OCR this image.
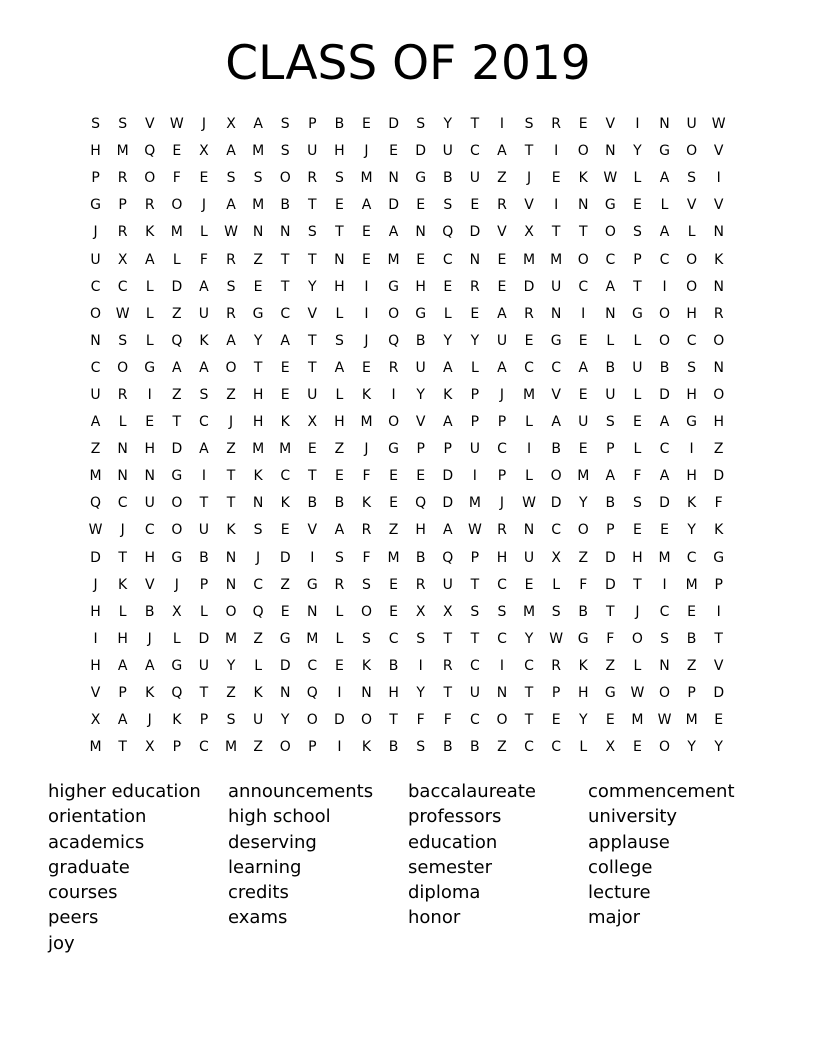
CLASS OF 2019
S	S	V	W	J	X	A	S	P	B	E	D	S	Y	T	I	S	R	E	V	I	N	U	W
H	M	Q	E	X	A	M	S	U	H	J	E	D	U	C	A	T	I	O	N	Y	G	O	V
P	R	O	F	E	S	S	O	R	S	M	N	G	B	U	Z	J	E	K	W	L	A	S	I
G	P	R	O	J	A	M	B	T	E	A	D	E	S	E	R	V	I	N	G	E	L	V	V
J	R	K	M	L	W	N	N	S	T	E	A	N	Q	D	V	X	T	T	O	S	A	L	N
U	X	A	L	F	R	Z	T	T	N	E	M	E	C	N	E	M	M	O	C	P	C	O	K
C	C	L	D	A	S	E	T	Y	H	I	G	H	E	R	E	D	U	C	A	T	I	O	N
O	W	L	Z	U	R	G	C	V	L	I	O	G	L	E	A	R	N	I	N	G	O	H	R
N	S	L	Q	K	A	Y	A	T	S	J	Q	B	Y	Y	U	E	G	E	L	L	O	C	O
C	O	G	A	A	O	T	E	T	A	E	R	U	A	L	A	C	C	A	B	U	B	S	N
U	R	I	Z	S	Z	H	E	U	L	K	I	Y	K	P	J	M	V	E	U	L	D	H	O
A	L	E	T	C	J	H	K	X	H	M	O	V	A	P	P	L	A	U	S	E	A	G	H
Z	N	H	D	A	Z	M	M	E	Z	J	G	P	P	U	C	I	B	E	P	L	C	I	Z
M	N	N	G	I	T	K	C	T	E	F	E	E	D	I	P	L	O	M	A	F	A	H	D
Q	C	U	O	T	T	N	K	B	B	K	E	Q	D	M	J	W	D	Y	B	S	D	K	F
W	J	C	O	U	K	S	E	V	A	R	Z	H	A	W	R	N	C	O	P	E	E	Y	K
D	T	H	G	B	N	J	D	I	S	F	M	B	Q	P	H	U	X	Z	D	H	M	C	G
J	K	V	J	P	N	C	Z	G	R	S	E	R	U	T	C	E	L	F	D	T	I	M	P
H	L	B	X	L	O	Q	E	N	L	O	E	X	X	S	S	M	S	B	T	J	C	E	I
I	H	J	L	D	M	Z	G	M	L	S	C	S	T	T	C	Y	W	G	F	O	S	B	T
H	A	A	G	U	Y	L	D	C	E	K	B	I	R	C	I	C	R	K	Z	L	N	Z	V
V	P	K	Q	T	Z	K	N	Q	I	N	H	Y	T	U	N	T	P	H	G	W	O	P	D
X	A	J	K	P	S	U	Y	O	D	O	T	F	F	C	O	T	E	Y	E	M	W	M	E
M	T	X	P	C	M	Z	O	P	I	K	B	S	B	B	Z	C	C	L	X	E	O	Y	Y
higher education	announcements	baccalaureate	commencement
orientation	high school	professors	university
academics	deserving	education	applause
graduate	learning	semester	college
courses	credits	diploma	lecture
peers	exams	honor	major
joy
